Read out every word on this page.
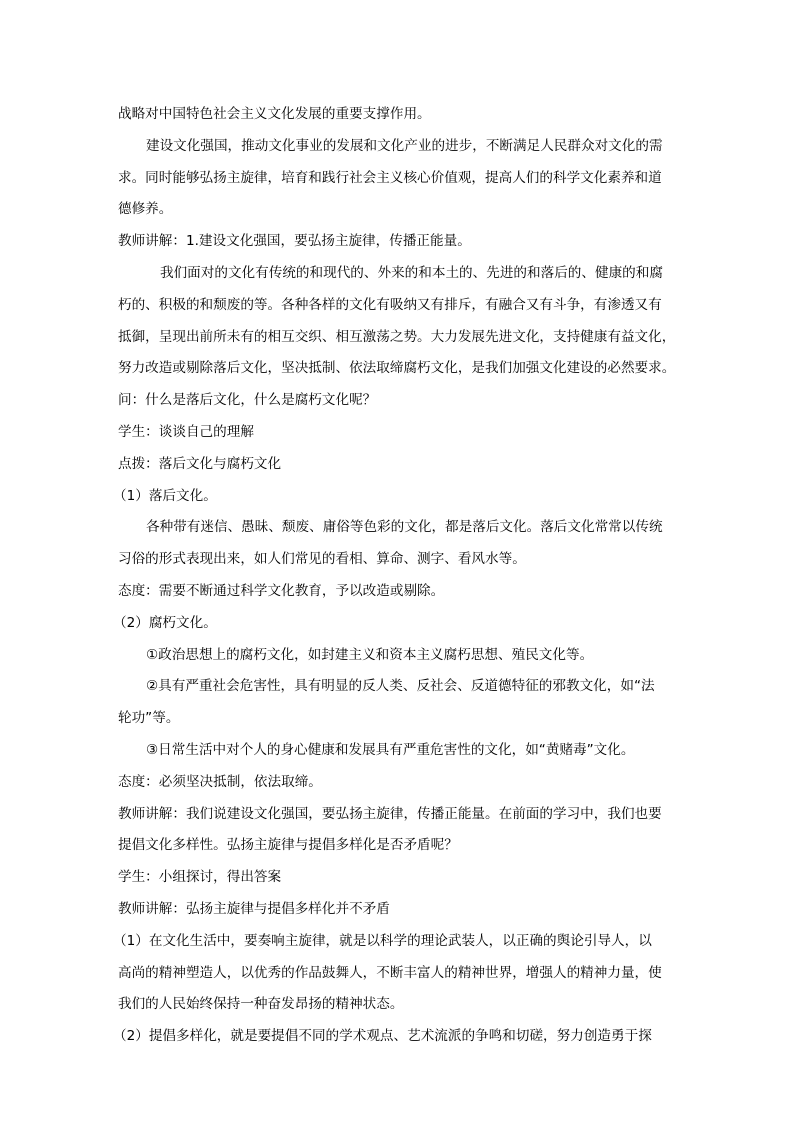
战略对中国特色社会主义文化发展的重要支撑作用。
建设文化强国，推动文化事业的发展和文化产业的进步，不断满足人民群众对文化的需
求。同时能够弘扬主旋律，培育和践行社会主义核心价值观，提高人们的科学文化素养和道
德修养。
教师讲解：1.建设文化强国，要弘扬主旋律，传播正能量。
我们面对的文化有传统的和现代的、外来的和本土的、先进的和落后的、健康的和腐
朽的、积极的和颓废的等。各种各样的文化有吸纳又有排斥，有融合又有斗争，有渗透又有
抵御，呈现出前所未有的相互交织、相互激荡之势。大力发展先进文化，支持健康有益文化，
努力改造或剔除落后文化，坚决抵制、依法取缔腐朽文化，是我们加强文化建设的必然要求。
问：什么是落后文化，什么是腐朽文化呢？
学生：谈谈自己的理解
点拨：落后文化与腐朽文化
（1）落后文化。
各种带有迷信、愚昧、颓废、庸俗等色彩的文化，都是落后文化。落后文化常常以传统
习俗的形式表现出来，如人们常见的看相、算命、测字、看风水等。
态度：需要不断通过科学文化教育，予以改造或剔除。
（2）腐朽文化。
①政治思想上的腐朽文化，如封建主义和资本主义腐朽思想、殖民文化等。
②具有严重社会危害性，具有明显的反人类、反社会、反道德特征的邪教文化，如“法
轮功”等。
③日常生活中对个人的身心健康和发展具有严重危害性的文化，如“黄赌毒”文化。
态度：必须坚决抵制，依法取缔。
教师讲解：我们说建设文化强国，要弘扬主旋律，传播正能量。在前面的学习中，我们也要
提倡文化多样性。弘扬主旋律与提倡多样化是否矛盾呢？
学生：小组探讨，得出答案
教师讲解：弘扬主旋律与提倡多样化并不矛盾
（1）在文化生活中，要奏响主旋律，就是以科学的理论武装人，以正确的舆论引导人，以
高尚的精神塑造人，以优秀的作品鼓舞人，不断丰富人的精神世界，增强人的精神力量，使
我们的人民始终保持一种奋发昂扬的精神状态。
（2）提倡多样化，就是要提倡不同的学术观点、艺术流派的争鸣和切磋，努力创造勇于探
